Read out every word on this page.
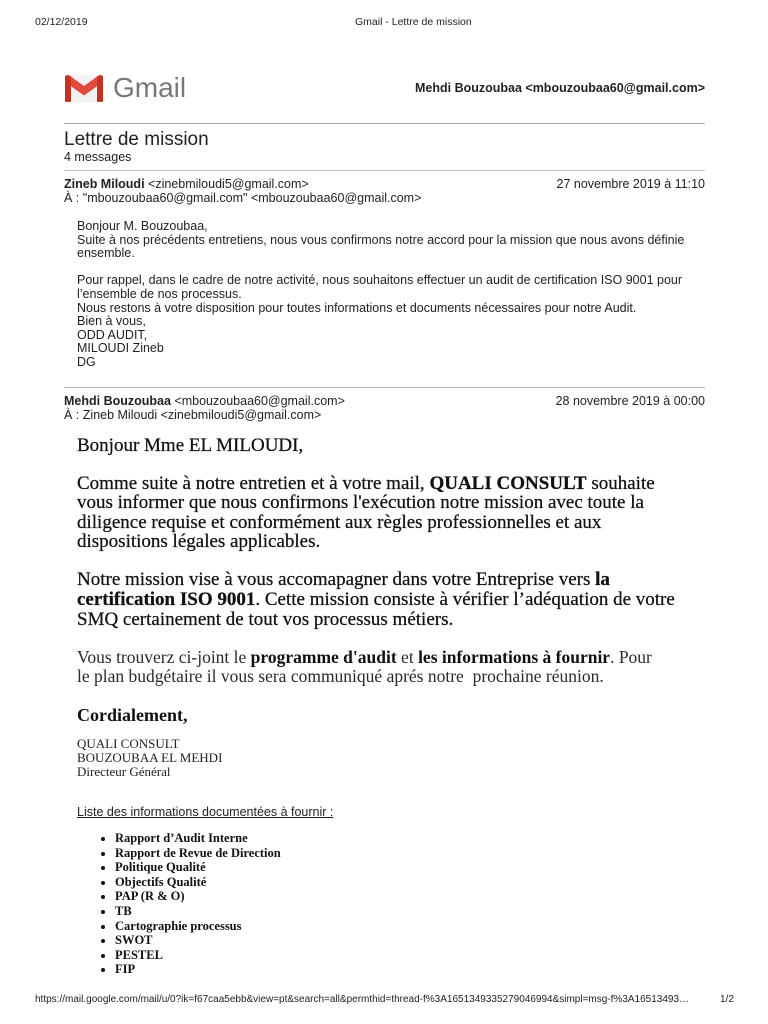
02/12/2019	Gmail - Lettre de mission
Gmail	Mehdi Bouzoubaa <mbouzoubaa60@gmail.com>
Lettre de mission
4 messages
Zineb Miloudi <zinebmiloudi5@gmail.com>	27 novembre 2019 à 11:10
À : "mbouzoubaa60@gmail.com" <mbouzoubaa60@gmail.com>
Bonjour M. Bouzoubaa,
Suite à nos précédents entretiens, nous vous confirmons notre accord pour la mission que nous avons définie
ensemble.
Pour rappel, dans le cadre de notre activité, nous souhaitons effectuer un audit de certification ISO 9001 pour
l’ensemble de nos processus.
Nous restons à votre disposition pour toutes informations et documents nécessaires pour notre Audit.
Bien à vous,
ODD AUDIT,
MILOUDI Zineb
DG
Mehdi Bouzoubaa <mbouzoubaa60@gmail.com>	28 novembre 2019 à 00:00
À : Zineb Miloudi <zinebmiloudi5@gmail.com>
Bonjour Mme EL MILOUDI,
Comme suite à notre entretien et à votre mail, QUALI CONSULT souhaite
vous informer que nous confirmons l'exécution notre mission avec toute la
diligence requise et conformément aux règles professionnelles et aux
dispositions légales applicables.
Notre mission vise à vous accomapagner dans votre Entreprise vers la
certification ISO 9001. Cette mission consiste à vérifier l’adéquation de votre
SMQ certainement de tout vos processus métiers.
Vous trouverz ci-joint le programme d'audit et les informations à fournir. Pour
le plan budgétaire il vous sera communiqué aprés notre  prochaine réunion.
Cordialement,
QUALI CONSULT
BOUZOUBAA EL MEHDI
Directeur Général
Liste des informations documentées à fournir :
• Rapport d’Audit Interne
• Rapport de Revue de Direction
• Politique Qualité
• Objectifs Qualité
• PAP (R & O)
• TB
• Cartographie processus
• SWOT
• PESTEL
• FIP
https://mail.google.com/mail/u/0?ik=f67caa5ebb&view=pt&search=all&permthid=thread-f%3A1651349335279046994&simpl=msg-f%3A16513493…	1/2
